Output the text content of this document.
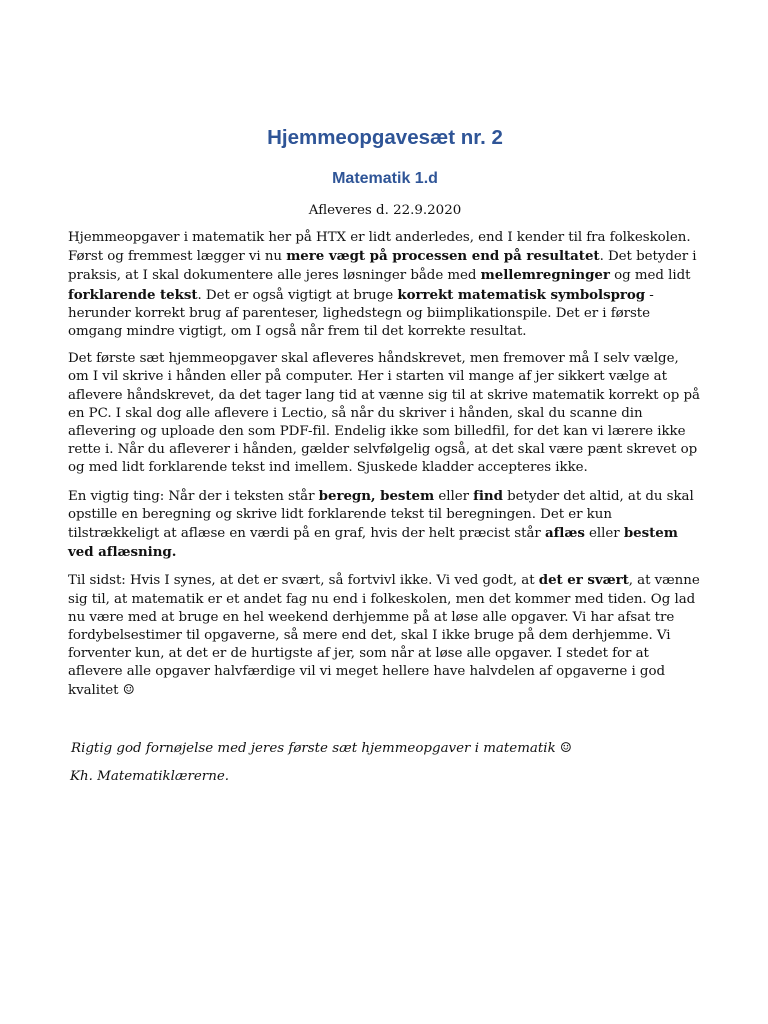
Hjemmeopgavesæt nr. 2
Matematik 1.d
Afleveres d. 22.9.2020

Hjemmeopgaver i matematik her på HTX er lidt anderledes, end I kender til fra folkeskolen. Først og fremmest lægger vi nu mere vægt på processen end på resultatet. Det betyder i praksis, at I skal dokumentere alle jeres løsninger både med mellemregninger og med lidt forklarende tekst. Det er også vigtigt at bruge korrekt matematisk symbolsprog - herunder korrekt brug af parenteser, lighedstegn og biimplikationspile. Det er i første omgang mindre vigtigt, om I også når frem til det korrekte resultat.

Det første sæt hjemmeopgaver skal afleveres håndskrevet, men fremover må I selv vælge, om I vil skrive i hånden eller på computer. Her i starten vil mange af jer sikkert vælge at aflevere håndskrevet, da det tager lang tid at vænne sig til at skrive matematik korrekt op på en PC. I skal dog alle aflevere i Lectio, så når du skriver i hånden, skal du scanne din aflevering og uploade den som PDF-fil. Endelig ikke som billedfil, for det kan vi lærere ikke rette i. Når du afleverer i hånden, gælder selvfølgelig også, at det skal være pænt skrevet op og med lidt forklarende tekst ind imellem. Sjuskede kladder accepteres ikke.

En vigtig ting: Når der i teksten står beregn, bestem eller find betyder det altid, at du skal opstille en beregning og skrive lidt forklarende tekst til beregningen. Det er kun tilstrækkeligt at aflæse en værdi på en graf, hvis der helt præcist står aflæs eller bestem ved aflæsning.

Til sidst: Hvis I synes, at det er svært, så fortvivl ikke. Vi ved godt, at det er svært, at vænne sig til, at matematik er et andet fag nu end i folkeskolen, men det kommer med tiden. Og lad nu være med at bruge en hel weekend derhjemme på at løse alle opgaver. Vi har afsat tre fordybelsestimer til opgaverne, så mere end det, skal I ikke bruge på dem derhjemme. Vi forventer kun, at det er de hurtigste af jer, som når at løse alle opgaver. I stedet for at aflevere alle opgaver halvfærdige vil vi meget hellere have halvdelen af opgaverne i god kvalitet ☺

Rigtig god fornøjelse med jeres første sæt hjemmeopgaver i matematik ☺

Kh. Matematiklærerne.
